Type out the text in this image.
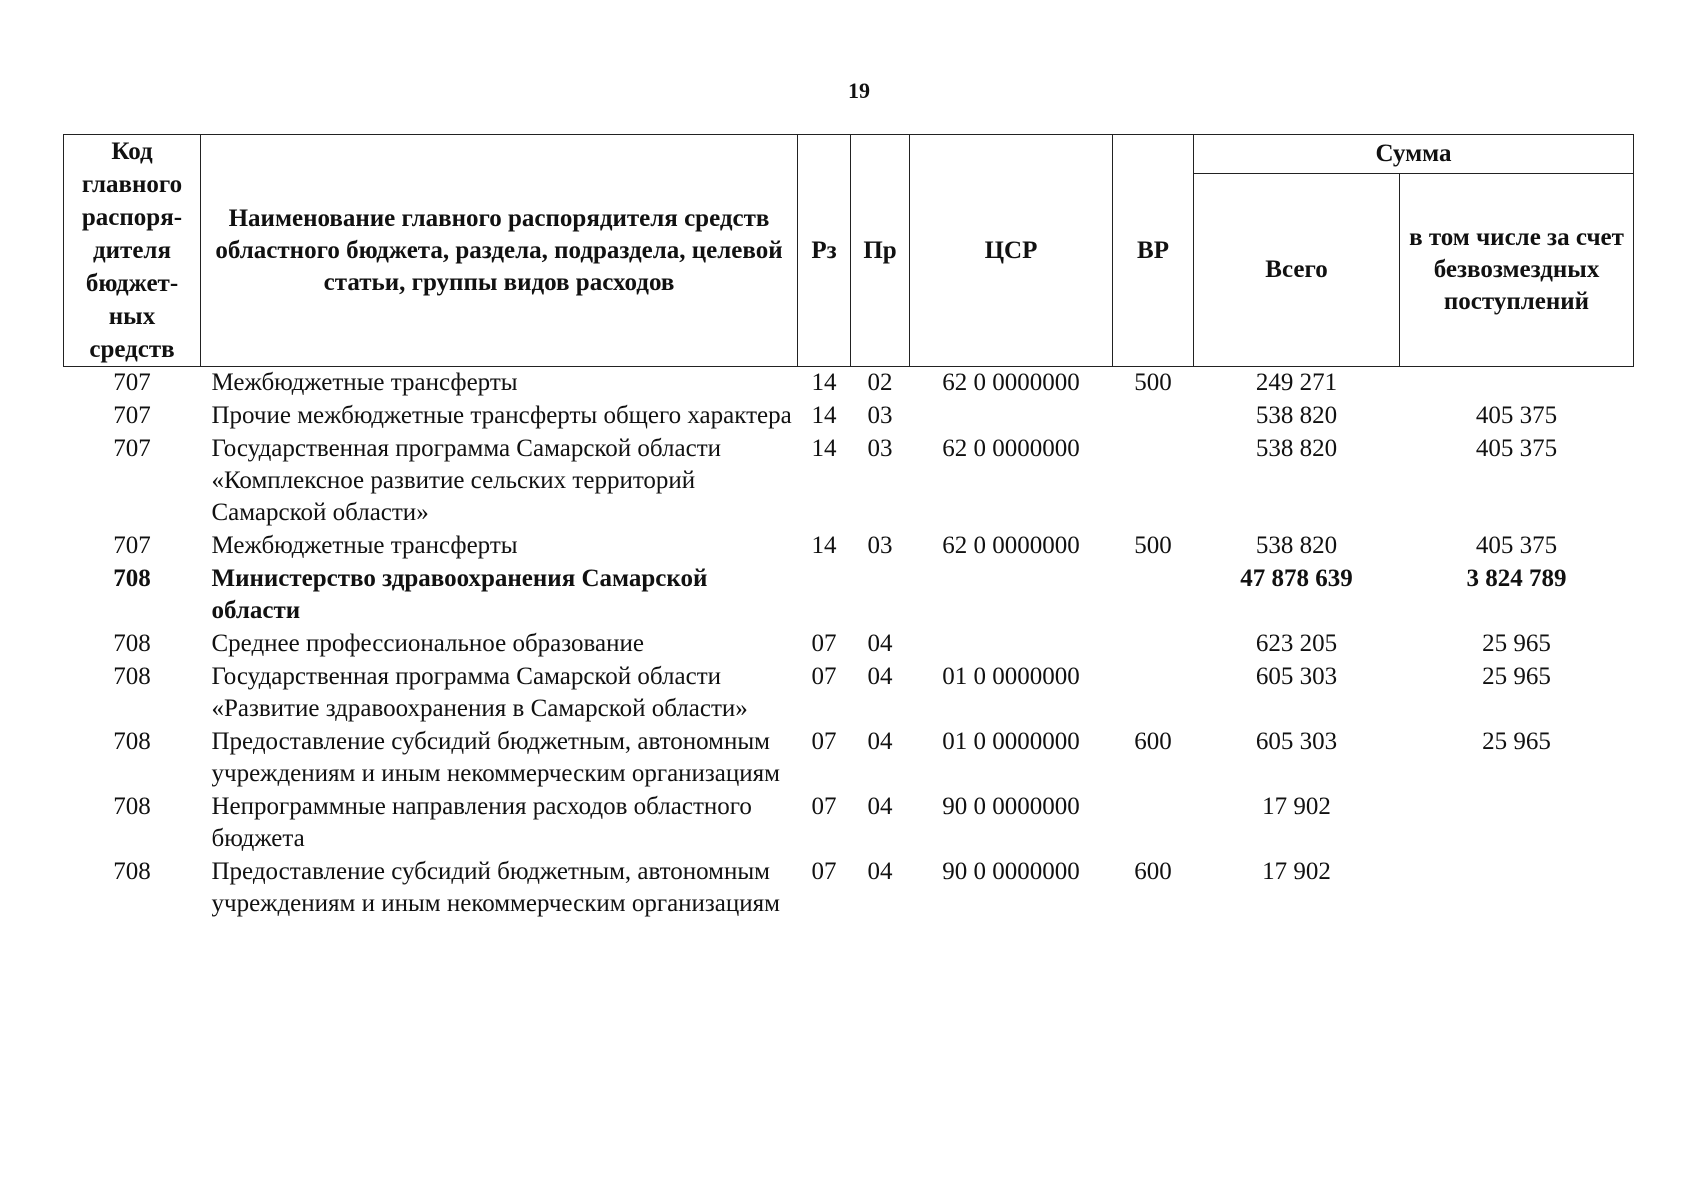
19
Код главного распоря-дителя бюджет-ных средств	Наименование главного распорядителя средств областного бюджета, раздела, подраздела, целевой статьи, группы видов расходов	Рз	Пр	ЦСР	ВР	Сумма	
						Всего	в том числе за счет безвозмездных поступлений
707	Межбюджетные трансферты	14	02	62 0 0000000	500	249 271	
707	Прочие межбюджетные трансферты общего характера	14	03			538 820	405 375
707	Государственная программа Самарской области «Комплексное развитие сельских территорий Самарской области»	14	03	62 0 0000000		538 820	405 375
707	Межбюджетные трансферты	14	03	62 0 0000000	500	538 820	405 375
708	Министерство здравоохранения Самарской области					47 878 639	3 824 789
708	Среднее профессиональное образование	07	04			623 205	25 965
708	Государственная программа Самарской области «Развитие здравоохранения в Самарской области»	07	04	01 0 0000000		605 303	25 965
708	Предоставление субсидий бюджетным, автономным учреждениям и иным некоммерческим организациям	07	04	01 0 0000000	600	605 303	25 965
708	Непрограммные направления расходов областного бюджета	07	04	90 0 0000000		17 902	
708	Предоставление субсидий бюджетным, автономным учреждениям и иным некоммерческим организациям	07	04	90 0 0000000	600	17 902	
